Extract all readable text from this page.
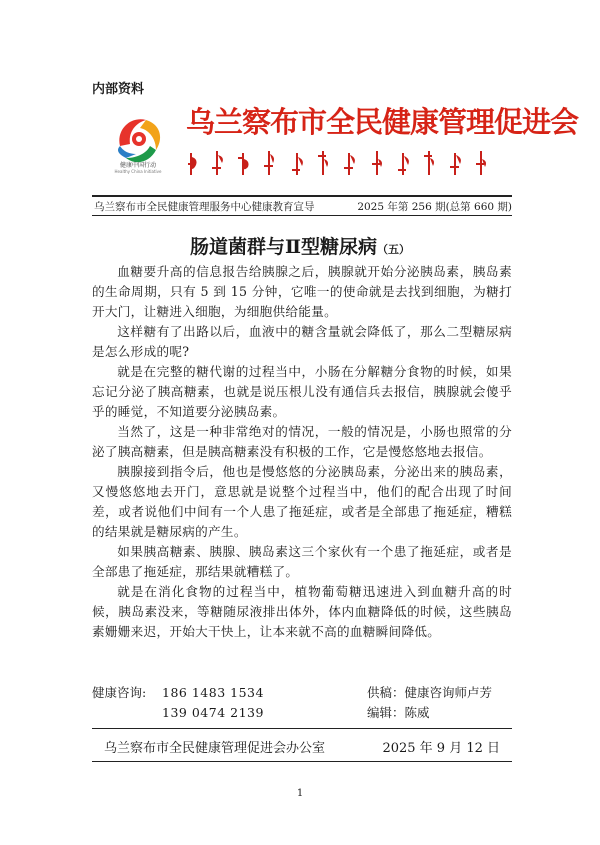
内部资料
健康中国行动
Healthy China Initiative
乌兰察布市全民健康管理促进会
乌兰察布市全民健康管理服务中心健康教育宣导	2025 年第 256 期(总第 660 期)
肠道菌群与Ⅱ型糖尿病（五）

血糖要升高的信息报告给胰腺之后，胰腺就开始分泌胰岛素，胰岛素的生命周期，只有 5 到 15 分钟，它唯一的使命就是去找到细胞，为糖打开大门，让糖进入细胞，为细胞供给能量。

这样糖有了出路以后，血液中的糖含量就会降低了，那么二型糖尿病是怎么形成的呢?

就是在完整的糖代谢的过程当中，小肠在分解糖分食物的时候，如果忘记分泌了胰高糖素，也就是说压根儿没有通信兵去报信，胰腺就会傻乎乎的睡觉，不知道要分泌胰岛素。

当然了，这是一种非常绝对的情况，一般的情况是，小肠也照常的分泌了胰高糖素，但是胰高糖素没有积极的工作，它是慢悠悠地去报信。

胰腺接到指令后，他也是慢悠悠的分泌胰岛素，分泌出来的胰岛素，又慢悠悠地去开门，意思就是说整个过程当中，他们的配合出现了时间差，或者说他们中间有一个人患了拖延症，或者是全部患了拖延症，糟糕的结果就是糖尿病的产生。

如果胰高糖素、胰腺、胰岛素这三个家伙有一个患了拖延症，或者是全部患了拖延症，那结果就糟糕了。

就是在消化食物的过程当中，植物葡萄糖迅速进入到血糖升高的时候，胰岛素没来，等糖随尿液排出体外，体内血糖降低的时候，这些胰岛素姗姗来迟，开始大干快上，让本来就不高的血糖瞬间降低。

健康咨询: 186 1483 1534
139 0474 2139
供稿：健康咨询师卢芳
编辑：陈威
乌兰察布市全民健康管理促进会办公室	2025 年 9 月 12 日
1
